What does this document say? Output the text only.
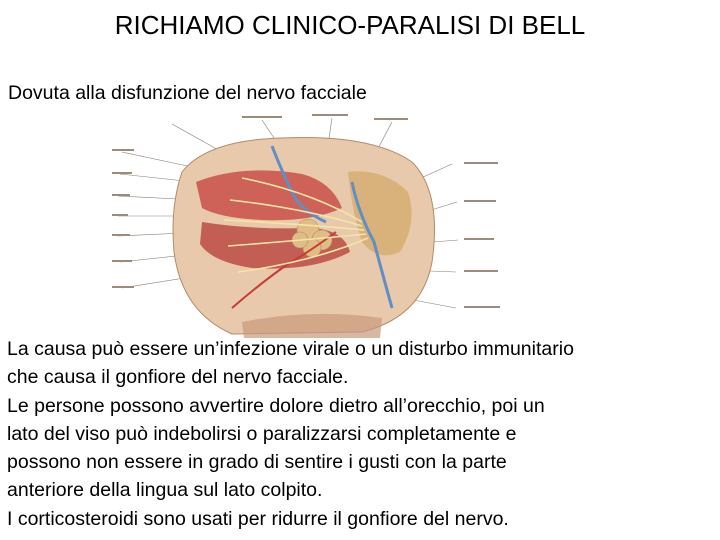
RICHIAMO CLINICO-PARALISI DI BELL
Dovuta alla disfunzione del nervo facciale
La causa può essere un’infezione virale o un disturbo immunitario
che causa il gonfiore del nervo facciale.
Le persone possono avvertire dolore dietro all’orecchio, poi un
lato del viso può indebolirsi o paralizzarsi completamente e
possono non essere in grado di sentire i gusti con la parte
anteriore della lingua sul lato colpito.
I corticosteroidi sono usati per ridurre il gonfiore del nervo.
